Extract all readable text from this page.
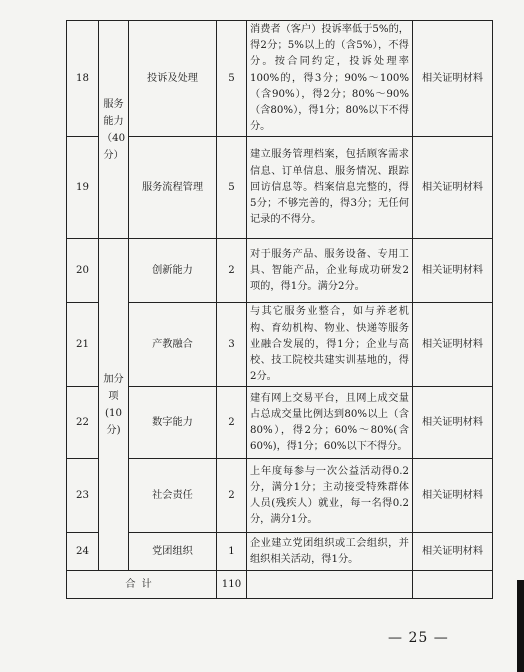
18	服务能力（40分）	投诉及处理	5	消费者（客户）投诉率低于5%的，得2分；5%以上的（含5%），不得分。按合同约定，投诉处理率100%的，得3分；90%～100%（含90%），得2分；80%～90%（含80%），得1分；80%以下不得分。	相关证明材料
19		服务流程管理	5	建立服务管理档案，包括顾客需求信息、订单信息、服务情况、跟踪回访信息等。档案信息完整的，得5分；不够完善的，得3分；无任何记录的不得分。	相关证明材料
20	加分项(10分)	创新能力	2	对于服务产品、服务设备、专用工具、智能产品，企业每成功研发2项的，得1分。满分2分。	相关证明材料
21		产教融合	3	与其它服务业整合，如与养老机构、育幼机构、物业、快递等服务业融合发展的，得1分；企业与高校、技工院校共建实训基地的，得2分。	相关证明材料
22		数字能力	2	建有网上交易平台，且网上成交量占总成交量比例达到80%以上（含80%），得2分；60%～80%(含60%)，得1分；60%以下不得分。	相关证明材料
23		社会责任	2	上年度每参与一次公益活动得0.2分，满分1分；主动接受特殊群体人员(残疾人）就业，每一名得0.2分，满分1分。	相关证明材料
24		党团组织	1	企业建立党团组织或工会组织，并组织相关活动，得1分。	相关证明材料
合计			110		
— 25 —
